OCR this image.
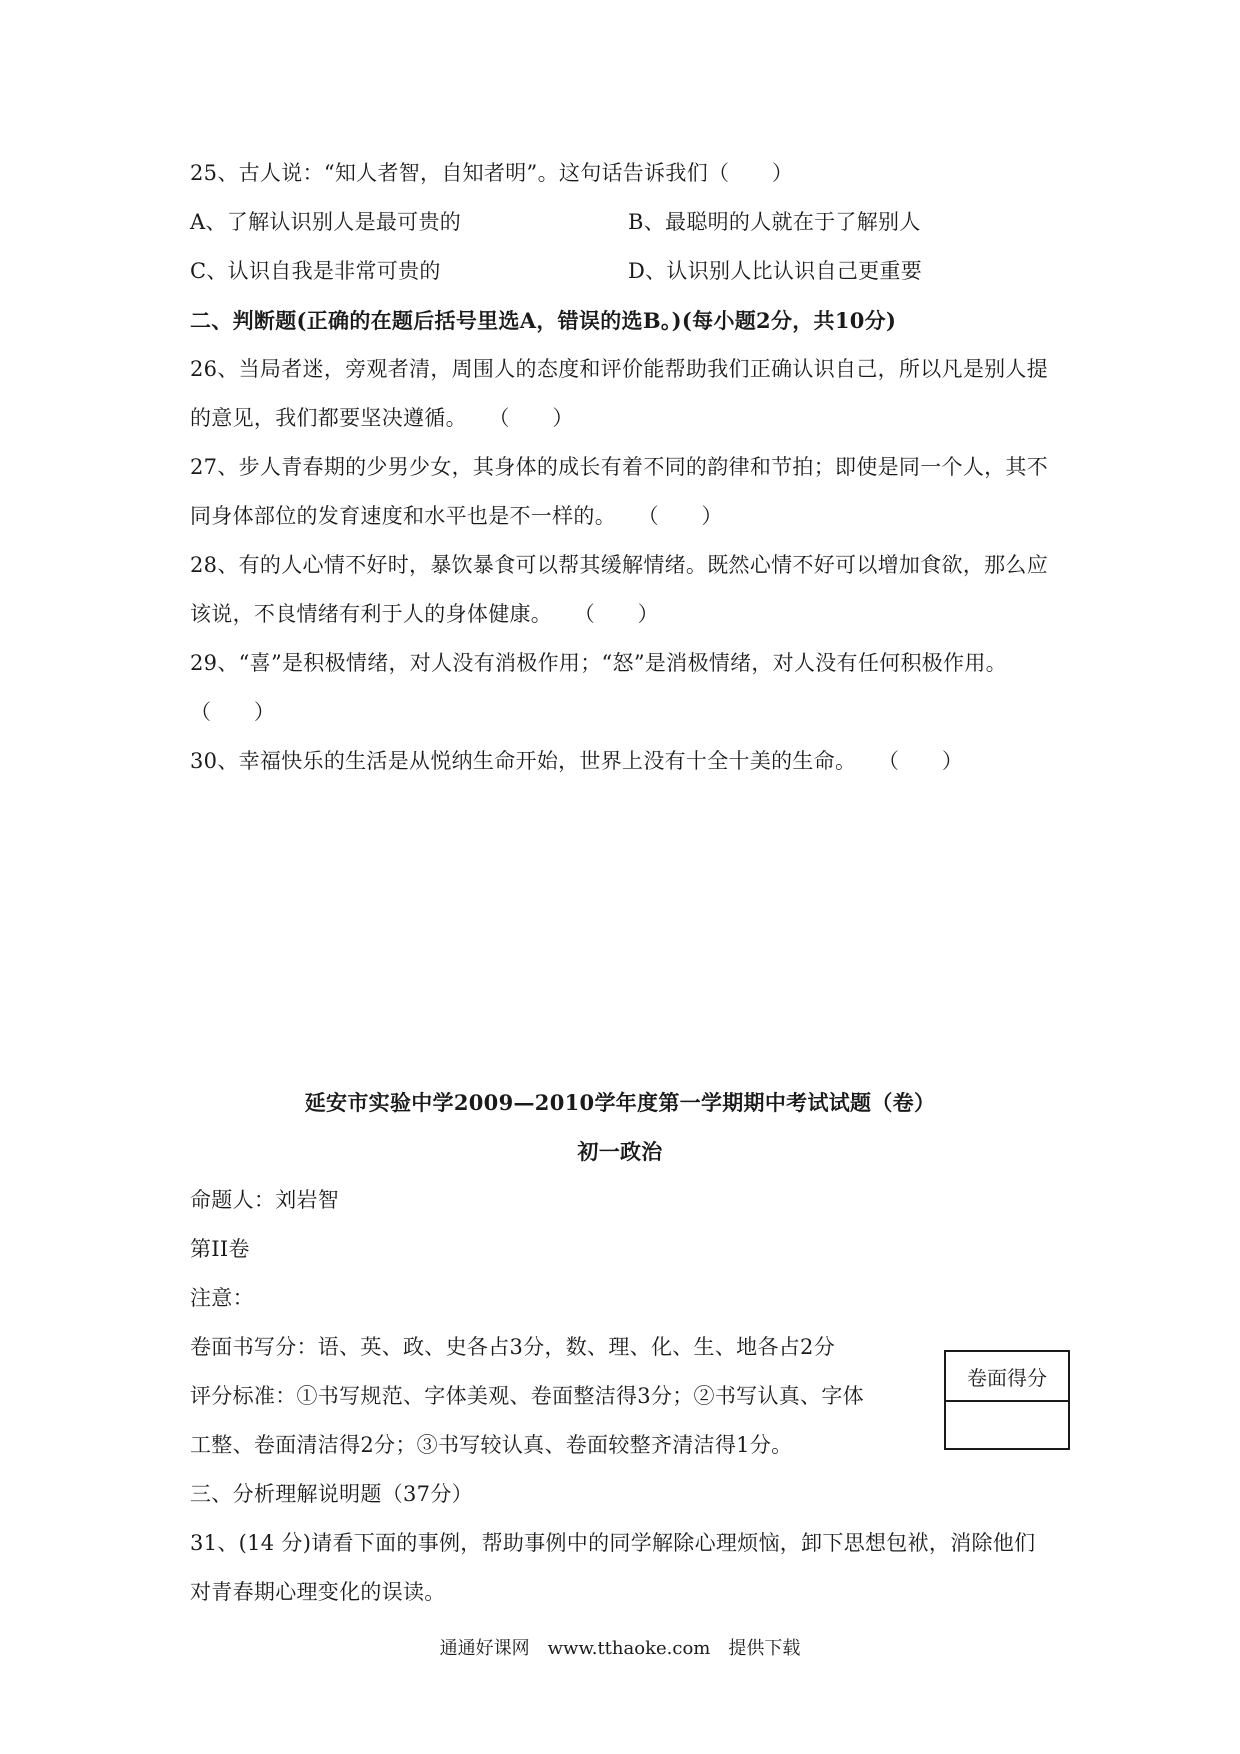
25、古人说：“知人者智，自知者明”。这句话告诉我们（　　）
A、了解认识别人是最可贵的	B、最聪明的人就在于了解别人
C、认识自我是非常可贵的	D、认识别人比认识自己更重要
二、判断题(正确的在题后括号里选A，错误的选B。)(每小题2分，共10分)
26、当局者迷，旁观者清，周围人的态度和评价能帮助我们正确认识自己，所以凡是别人提
的意见，我们都要坚决遵循。　　（　　）
27、步人青春期的少男少女，其身体的成长有着不同的韵律和节拍；即使是同一个人，其不
同身体部位的发育速度和水平也是不一样的。　　（　　）
28、有的人心情不好时，暴饮暴食可以帮其缓解情绪。既然心情不好可以增加食欲，那么应
该说，不良情绪有利于人的身体健康。　　（　　）
29、“喜”是积极情绪，对人没有消极作用；“怒”是消极情绪，对人没有任何积极作用。
（　　）
30、幸福快乐的生活是从悦纳生命开始，世界上没有十全十美的生命。　　（　　）
延安市实验中学2009—2010学年度第一学期期中考试试题（卷）
初一政治
命题人：刘岩智
第II卷
注意：
卷面书写分：语、英、政、史各占3分，数、理、化、生、地各占2分
评分标准：①书写规范、字体美观、卷面整洁得3分；②书写认真、字体
工整、卷面清洁得2分；③书写较认真、卷面较整齐清洁得1分。
卷面得分
三、分析理解说明题（37分）
31、(14 分)请看下面的事例，帮助事例中的同学解除心理烦恼，卸下思想包袱，消除他们
对青春期心理变化的误读。
通通好课网　www.tthaoke.com　提供下载
